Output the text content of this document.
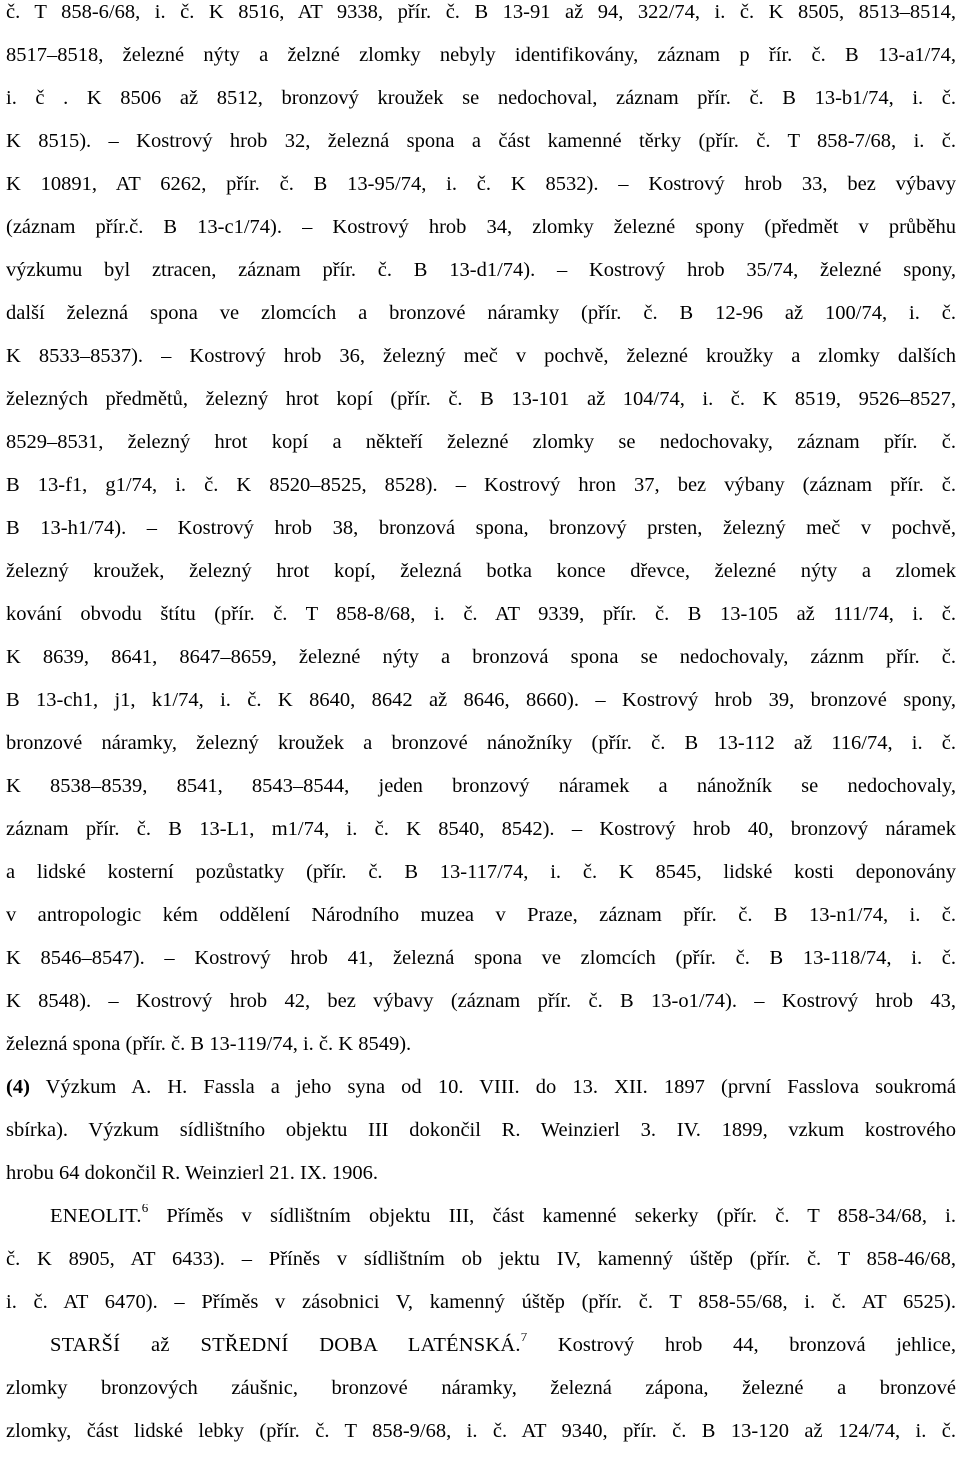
č. T 858-6/68, i. č. K 8516, AT 9338, přír. č. B 13-91 až 94, 322/74, i. č. K 8505, 8513–8514,
8517–8518, železné nýty a želzné zlomky nebyly identifikovány, záznam p řír. č. B 13-a1/74,
i. č . K 8506 až 8512, bronzový kroužek se nedochoval, záznam přír. č. B 13-b1/74, i. č.
K 8515). – Kostrový hrob 32, železná spona a část kamenné těrky (přír. č. T 858-7/68, i. č.
K 10891, AT 6262, přír. č. B 13-95/74, i. č. K 8532). – Kostrový hrob 33, bez výbavy
(záznam přír.č. B 13-c1/74). – Kostrový hrob 34, zlomky železné spony (předmět v průběhu
výzkumu byl ztracen, záznam přír. č. B 13-d1/74). – Kostrový hrob 35/74, železné spony,
další železná spona ve zlomcích a bronzové náramky (přír. č. B 12-96 až 100/74, i. č.
K 8533–8537). – Kostrový hrob 36, železný meč v pochvě, železné kroužky a zlomky dalších
železných předmětů, železný hrot kopí (přír. č. B 13-101 až 104/74, i. č. K 8519, 9526–8527,
8529–8531, železný hrot kopí a někteří železné zlomky se nedochovaky, záznam přír. č.
B 13-f1, g1/74, i. č. K 8520–8525, 8528). – Kostrový hron 37, bez výbany (záznam přír. č.
B 13-h1/74). – Kostrový hrob 38, bronzová spona, bronzový prsten, železný meč v pochvě,
železný kroužek, železný hrot kopí, železná botka konce dřevce, železné nýty a zlomek
kování obvodu štítu (přír. č. T 858-8/68, i. č. AT 9339, přír. č. B 13-105 až 111/74, i. č.
K 8639, 8641, 8647–8659, železné nýty a bronzová spona se nedochovaly, záznm přír. č.
B 13-ch1, j1, k1/74, i. č. K 8640, 8642 až 8646, 8660). – Kostrový hrob 39, bronzové spony,
bronzové náramky, železný kroužek a bronzové nánožníky (přír. č. B 13-112 až 116/74, i. č.
K 8538–8539, 8541, 8543–8544, jeden bronzový náramek a nánožník se nedochovaly,
záznam přír. č. B 13-L1, m1/74, i. č. K 8540, 8542). – Kostrový hrob 40, bronzový náramek
a lidské kosterní pozůstatky (přír. č. B 13-117/74, i. č. K 8545, lidské kosti deponovány
v antropologic kém oddělení Národního muzea v Praze, záznam přír. č. B 13-n1/74, i. č.
K 8546–8547). – Kostrový hrob 41, železná spona ve zlomcích (přír. č. B 13-118/74, i. č.
K 8548). – Kostrový hrob 42, bez výbavy (záznam přír. č. B 13-o1/74). – Kostrový hrob 43,
železná spona (přír. č. B 13-119/74, i. č. K 8549).
(4) Výzkum A. H. Fassla a jeho syna od 10. VIII. do 13. XII. 1897 (první Fasslova soukromá
sbírka). Výzkum sídlištního objektu III dokončil R. Weinzierl 3. IV. 1899, vzkum kostrového
hrobu 64 dokončil R. Weinzierl 21. IX. 1906.
ENEOLIT.$^6$ Příměs v sídlištním objektu III, část kamenné sekerky (přír. č. T 858-34/68, i.
č. K 8905, AT 6433). – Příněs v sídlištním ob jektu IV, kamenný úštěp (přír. č. T 858-46/68,
i. č. AT 6470). – Příměs v zásobnici V, kamenný úštěp (přír. č. T 858-55/68, i. č. AT 6525).
STARŠÍ až STŘEDNÍ DOBA LATÉNSKÁ.$^7$ Kostrový hrob 44, bronzová jehlice,
zlomky bronzových záušnic, bronzové náramky, železná zápona, železné a bronzové
zlomky, část lidské lebky (přír. č. T 858-9/68, i. č. AT 9340, přír. č. B 13-120 až 124/74, i. č.
